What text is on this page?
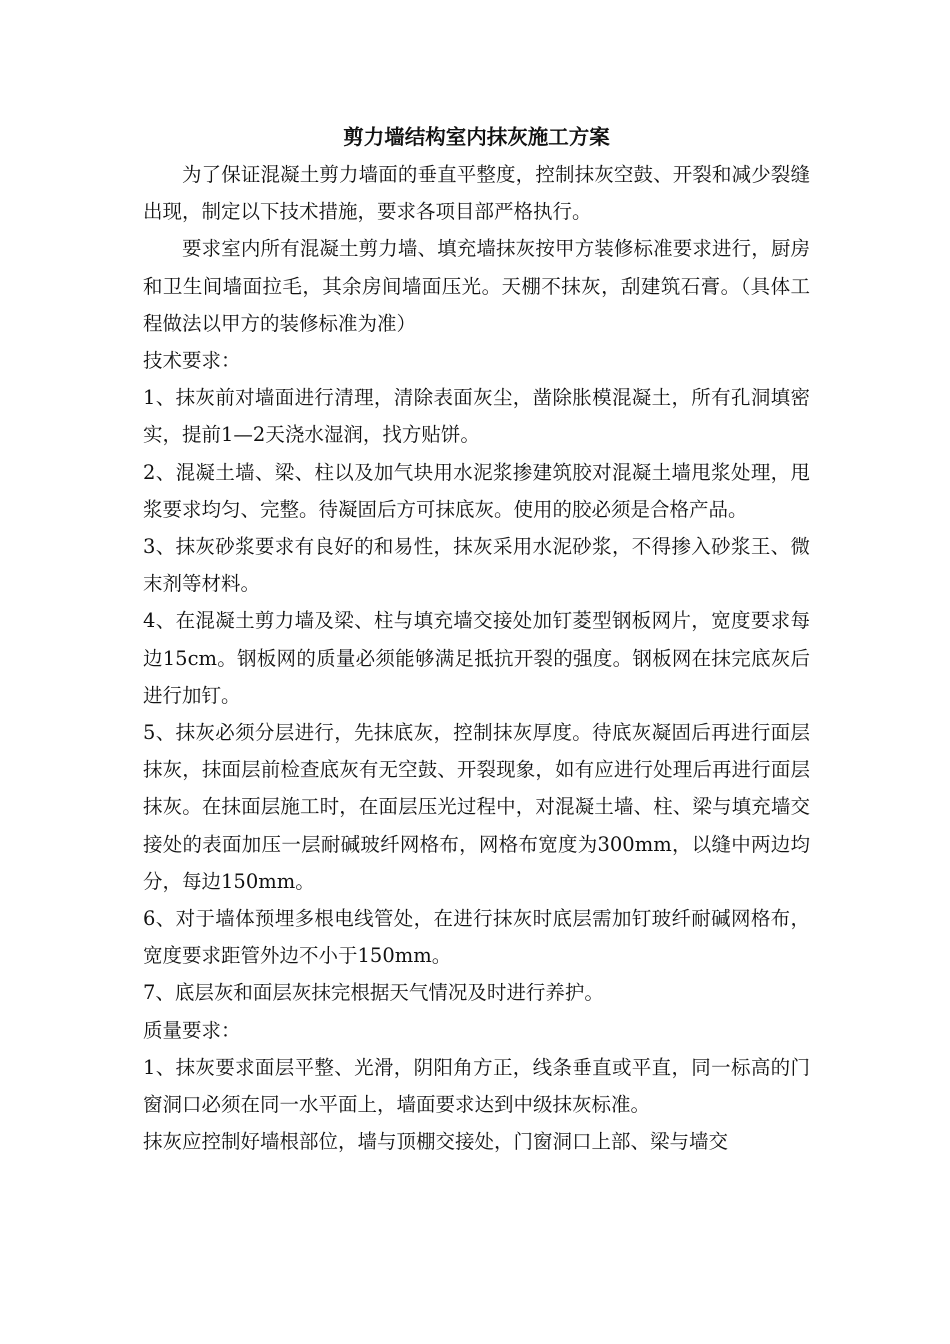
剪力墙结构室内抹灰施工方案

为了保证混凝土剪力墙面的垂直平整度，控制抹灰空鼓、开裂和减少裂缝出现，制定以下技术措施，要求各项目部严格执行。

要求室内所有混凝土剪力墙、填充墙抹灰按甲方装修标准要求进行，厨房和卫生间墙面拉毛，其余房间墙面压光。天棚不抹灰，刮建筑石膏。（具体工程做法以甲方的装修标准为准）

技术要求：

1、抹灰前对墙面进行清理，清除表面灰尘，凿除胀模混凝土，所有孔洞填密实，提前1—2天浇水湿润，找方贴饼。

2、混凝土墙、梁、柱以及加气块用水泥浆掺建筑胶对混凝土墙甩浆处理，甩浆要求均匀、完整。待凝固后方可抹底灰。使用的胶必须是合格产品。

3、抹灰砂浆要求有良好的和易性，抹灰采用水泥砂浆，不得掺入砂浆王、微末剂等材料。

4、在混凝土剪力墙及梁、柱与填充墙交接处加钉菱型钢板网片，宽度要求每边15cm。钢板网的质量必须能够满足抵抗开裂的强度。钢板网在抹完底灰后进行加钉。

5、抹灰必须分层进行，先抹底灰，控制抹灰厚度。待底灰凝固后再进行面层抹灰，抹面层前检查底灰有无空鼓、开裂现象，如有应进行处理后再进行面层抹灰。在抹面层施工时，在面层压光过程中，对混凝土墙、柱、梁与填充墙交接处的表面加压一层耐碱玻纤网格布，网格布宽度为300mm，以缝中两边均分，每边150mm。

6、对于墙体预埋多根电线管处，在进行抹灰时底层需加钉玻纤耐碱网格布，宽度要求距管外边不小于150mm。

7、底层灰和面层灰抹完根据天气情况及时进行养护。

质量要求：

1、抹灰要求面层平整、光滑，阴阳角方正，线条垂直或平直，同一标高的门窗洞口必须在同一水平面上，墙面要求达到中级抹灰标准。

抹灰应控制好墙根部位，墙与顶棚交接处，门窗洞口上部、梁与墙交
